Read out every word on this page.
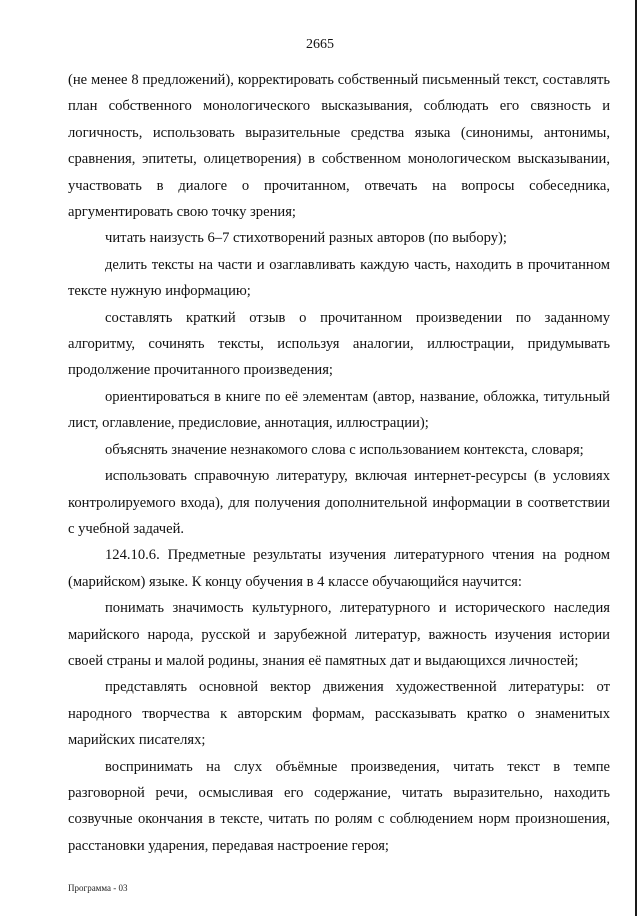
2665

(не менее 8 предложений), корректировать собственный письменный текст, составлять план собственного монологического высказывания, соблюдать его связность и логичность, использовать выразительные средства языка (синонимы, антонимы, сравнения, эпитеты, олицетворения) в собственном монологическом высказывании, участвовать в диалоге о прочитанном, отвечать на вопросы собеседника, аргументировать свою точку зрения;

читать наизусть 6–7 стихотворений разных авторов (по выбору);

делить тексты на части и озаглавливать каждую часть, находить в прочитанном тексте нужную информацию;

составлять краткий отзыв о прочитанном произведении по заданному алгоритму, сочинять тексты, используя аналогии, иллюстрации, придумывать продолжение прочитанного произведения;

ориентироваться в книге по её элементам (автор, название, обложка, титульный лист, оглавление, предисловие, аннотация, иллюстрации);

объяснять значение незнакомого слова с использованием контекста, словаря;

использовать справочную литературу, включая интернет-ресурсы (в условиях контролируемого входа), для получения дополнительной информации в соответствии с учебной задачей.

124.10.6. Предметные результаты изучения литературного чтения на родном (марийском) языке. К концу обучения в 4 классе обучающийся научится:

понимать значимость культурного, литературного и исторического наследия марийского народа, русской и зарубежной литератур, важность изучения истории своей страны и малой родины, знания её памятных дат и выдающихся личностей;

представлять основной вектор движения художественной литературы: от народного творчества к авторским формам, рассказывать кратко о знаменитых марийских писателях;

воспринимать на слух объёмные произведения, читать текст в темпе разговорной речи, осмысливая его содержание, читать выразительно, находить созвучные окончания в тексте, читать по ролям с соблюдением норм произношения, расстановки ударения, передавая настроение героя;

Программа - 03
